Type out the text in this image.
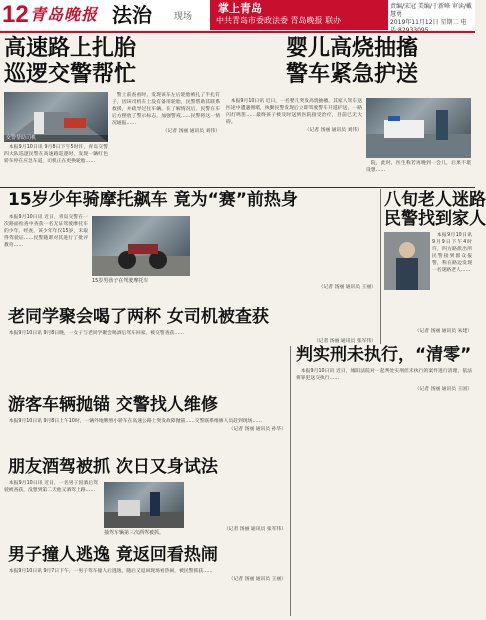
12 青岛晚报 法治 现场
掌上青岛
中共青岛市委政法委 青岛晚报 联办
责编/宋冠 美编/于新峰 审读/戴慧勇
2019年11月12日 星期二 电
高速路上扎胎
巡逻交警帮忙
交警帮助司机

本报9月10日讯 9月8日下午5时许，青岛交警四大队巡逻民警在高速路巡逻时，发现一辆红色轿车停在应急车道，司机正在更换轮胎……

警上前查看时，发现该车左后轮胎被扎了半扎钉子，因该司机车上没有备用轮胎，民警帮助其联系救援，并疏导过往车辆。在了解情况后，民警在车后方摆放了警示标志，加强警戒……民警将这一情况通报……

（记者 汤丽 通讯员 刘伟）
婴儿高烧抽搐
警车紧急护送

本报9月10日讯 近日，一名婴儿突发高烧抽搐，其家人驾车送医途中遭遇拥堵，执勤民警发现后立即驾驶警车开道护送，一路闪灯鸣笛……最终孩子被及时送到医院接受治疗，目前已无大碍。

（记者 汤丽 通讯员 刘伟）

院，此时，医生称若再晚到一会儿，后果不堪设想……

15岁少年骑摩托飙车 竟为“赛”前热身

本报9月10日讯 近日，青岛交警在一次路面检查中查获一名无证驾驶摩托车的少年，经查，该少年年仅15岁，未取得驾驶证……民警随即对其进行了批评教育……

15岁男孩子在驾驶摩托车
（记者 汤丽 通讯员 王丽）
八旬老人迷路
民警找到家人

本报9月10日讯 9月9日下午4时许，四方路派出所民警接到群众报警，称在路边发现一名迷路老人……

（记者 汤丽 通讯员 朱建）
老同学聚会喝了两杯 女司机被查获

本报9月10日讯 9月8日晚，一女子与老同学聚会喝酒后驾车回家，被交警查获……

（记者 汤丽 通讯员 张军伟）
游客车辆抛锚 交警找人维修

本报9月10日讯 9月8日上午10时，一辆外地牌照小轿车在高速公路上突发故障抛锚……交警联系维修人员赶到现场……

（记者 汤丽 通讯员 孙华）
判实刑未执行，“清零”

本报9月10日讯 近日，城阳法院对一起判处实刑但未执行的案件进行清理，依法将罪犯送交执行……

（记者 汤丽 通讯员 王国）
朋友酒驾被抓 次日又身试法

本报9月10日讯 近日，一名男子因酒后驾驶被查获，没想到第二天他又酒驾上路……

抽驾车辆第三次酒驾被抓。
（记者 汤丽 通讯员 张军伟）
男子撞人逃逸 竟返回看热闹

本报9月10日讯 9月7日下午，一男子驾车撞人后逃逸，随后又返回现场看热闹，被民警抓获……

（记者 汤丽 通讯员 王丽）
